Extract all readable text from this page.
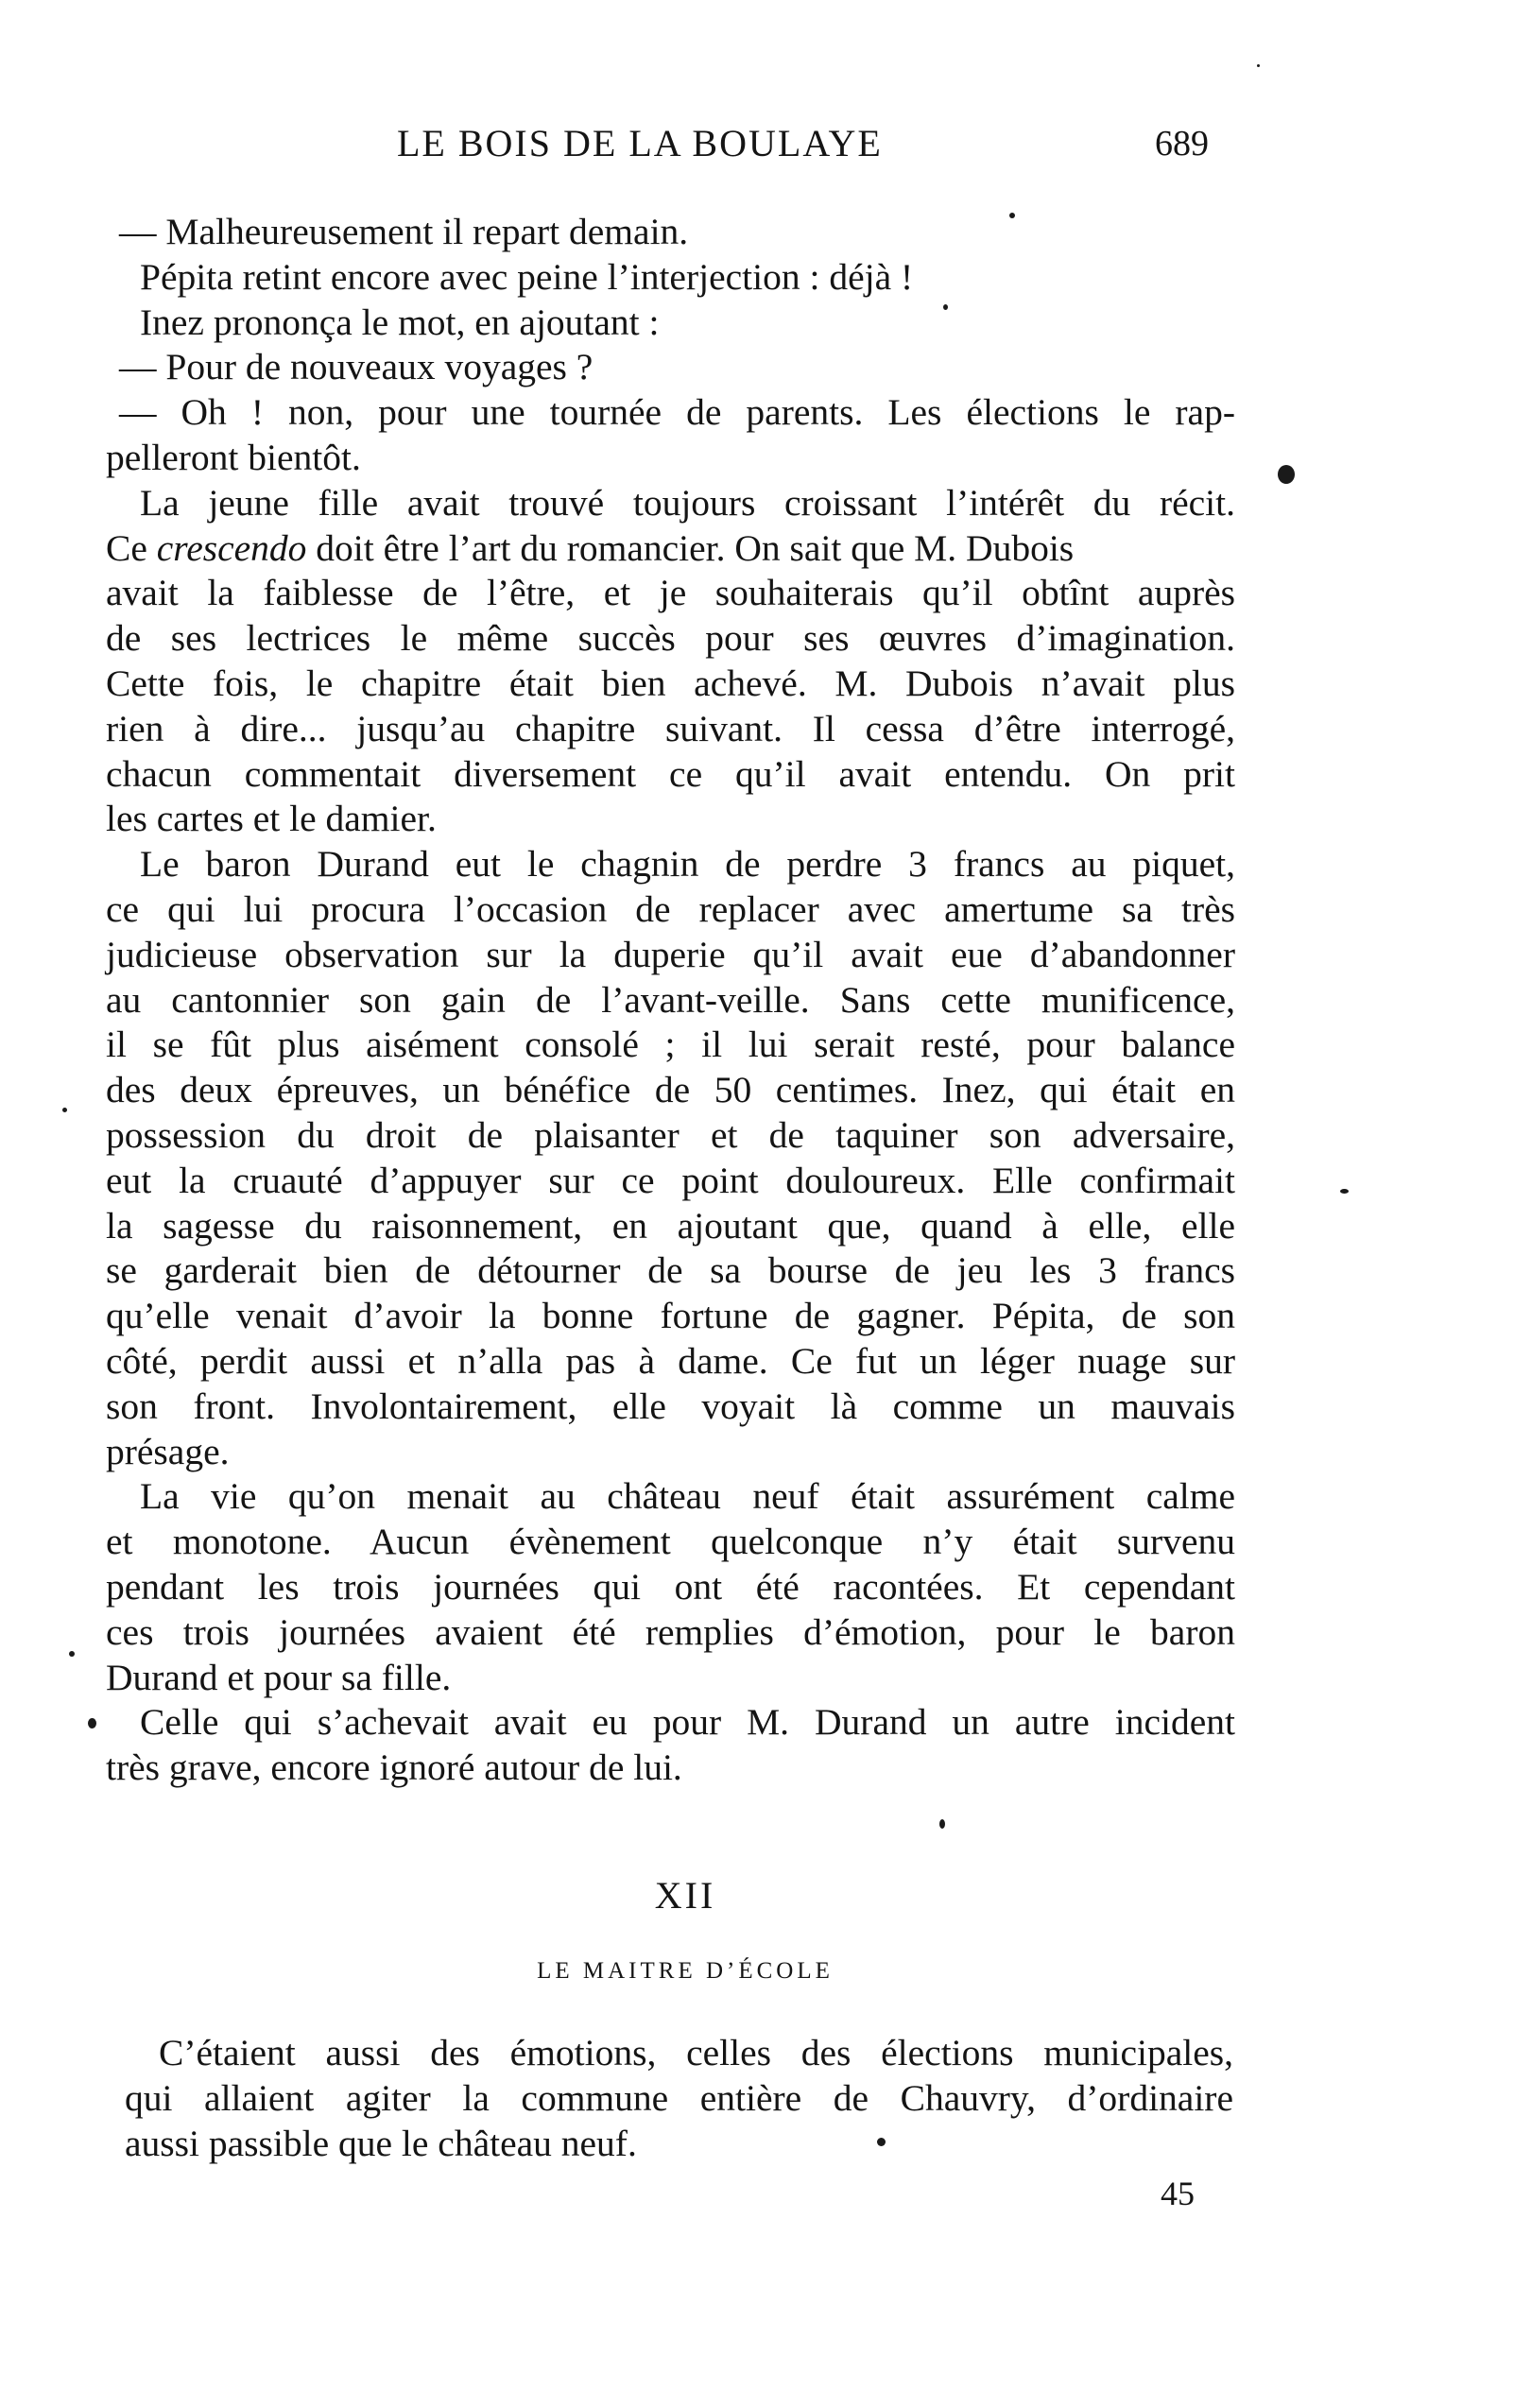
LE BOIS DE LA BOULAYE	689
— Malheureusement il repart demain.
Pépita retint encore avec peine l’interjection : déjà !
Inez prononça le mot, en ajoutant :
— Pour de nouveaux voyages ?
— Oh ! non, pour une tournée de parents. Les élections le rap-
pelleront bientôt.
La jeune fille avait trouvé toujours croissant l’intérêt du récit.
Ce crescendo doit être l’art du romancier. On sait que M. Dubois
avait la faiblesse de l’être, et je souhaiterais qu’il obtînt auprès
de ses lectrices le même succès pour ses œuvres d’imagination.
Cette fois, le chapitre était bien achevé. M. Dubois n’avait plus
rien à dire... jusqu’au chapitre suivant. Il cessa d’être interrogé,
chacun commentait diversement ce qu’il avait entendu. On prit
les cartes et le damier.
Le baron Durand eut le chagnin de perdre 3 francs au piquet,
ce qui lui procura l’occasion de replacer avec amertume sa très
judicieuse observation sur la duperie qu’il avait eue d’abandonner
au cantonnier son gain de l’avant-veille. Sans cette munificence,
il se fût plus aisément consolé ; il lui serait resté, pour balance
des deux épreuves, un bénéfice de 50 centimes. Inez, qui était en
possession du droit de plaisanter et de taquiner son adversaire,
eut la cruauté d’appuyer sur ce point douloureux. Elle confirmait
la sagesse du raisonnement, en ajoutant que, quand à elle, elle
se garderait bien de détourner de sa bourse de jeu les 3 francs
qu’elle venait d’avoir la bonne fortune de gagner. Pépita, de son
côté, perdit aussi et n’alla pas à dame. Ce fut un léger nuage sur
son front. Involontairement, elle voyait là comme un mauvais
présage.
La vie qu’on menait au château neuf était assurément calme
et monotone. Aucun évènement quelconque n’y était survenu
pendant les trois journées qui ont été racontées. Et cependant
ces trois journées avaient été remplies d’émotion, pour le baron
Durand et pour sa fille.
Celle qui s’achevait avait eu pour M. Durand un autre incident
très grave, encore ignoré autour de lui.
XII
LE MAITRE D’ÉCOLE
C’étaient aussi des émotions, celles des élections municipales,
qui allaient agiter la commune entière de Chauvry, d’ordinaire
aussi passible que le château neuf.
45
